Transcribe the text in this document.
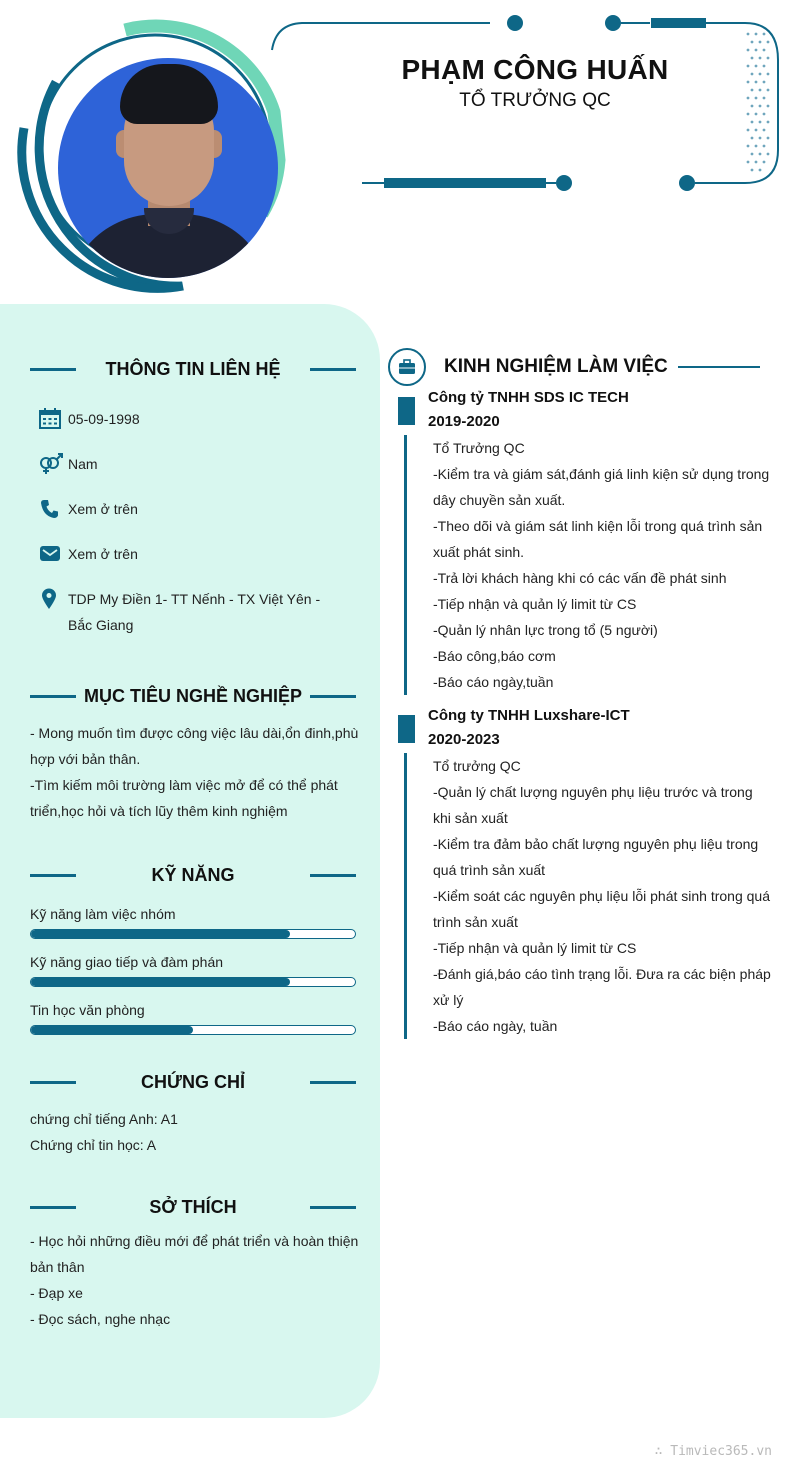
PHẠM CÔNG HUẤN
TỔ TRƯỞNG QC
THÔNG TIN LIÊN HỆ
05-09-1998
Nam
Xem ở trên
Xem ở trên
TDP My Điền 1- TT Nếnh - TX Việt Yên - Bắc Giang
MỤC TIÊU NGHỀ NGHIỆP
- Mong muốn tìm được công việc lâu dài,ổn đinh,phù hợp với bản thân.
-Tìm kiếm môi trường làm việc mở để có thể phát triển,học hỏi và tích lũy thêm kinh nghiệm
KỸ NĂNG
Kỹ năng làm việc nhóm
Kỹ năng giao tiếp và đàm phán
Tin học văn phòng
CHỨNG CHỈ
chứng chỉ tiếng Anh: A1
Chứng chỉ tin học: A
SỞ THÍCH
- Học hỏi những điều mới để phát triển và hoàn thiện bản thân
- Đạp xe
- Đọc sách, nghe nhạc
KINH NGHIỆM LÀM VIỆC
Công tỷ TNHH SDS IC TECH
2019-2020
Tổ Trưởng QC
-Kiểm tra và giám sát,đánh giá linh kiện sử dụng trong dây chuyền sản xuất.
-Theo dõi và giám sát linh kiện lỗi trong quá trình sản xuất phát sinh.
-Trả lời khách hàng khi có các vấn đề phát sinh
-Tiếp nhận và quản lý limit từ CS
-Quản lý nhân lực trong tổ (5 người)
-Báo công,báo cơm
-Báo cáo ngày,tuần
Công ty TNHH Luxshare-ICT
2020-2023
Tổ trưởng QC
-Quản lý chất lượng nguyên phụ liệu trước và trong khi sản xuất
-Kiểm tra đảm bảo chất lượng nguyên phụ liệu trong quá trình sản xuất
-Kiểm soát các nguyên phụ liệu lỗi phát sinh trong quá trình sản xuất
-Tiếp nhận và quản lý limit từ CS
-Đánh giá,báo cáo tình trạng lỗi. Đưa ra các biện pháp xử lý
-Báo cáo ngày, tuần
∴ Timviec365.vn
